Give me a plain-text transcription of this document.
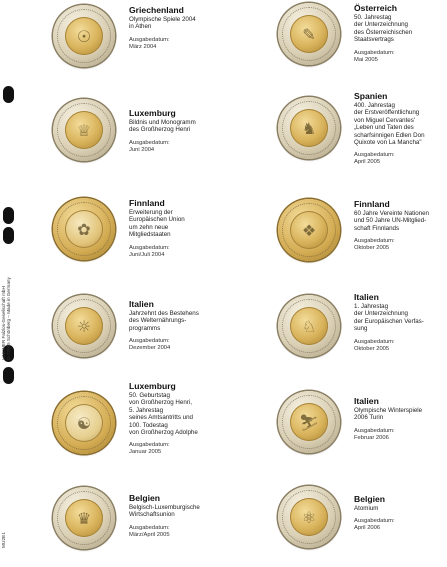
LINDNER Falzlos-Gesellschaft mbH D-72555 Schönberg – Made in Germany
MU2E1
☉
Griechenland
Olympische Spiele 2004
in Athen
Ausgabedatum:
März 2004
✎
Österreich
50. Jahrestag
der Unterzeichnung
des Österreichischen
Staatsvertrags
Ausgabedatum:
Mai 2005
♕
Luxemburg
Bildnis und Monogramm
des Großherzog Henri
Ausgabedatum:
Juni 2004
♞
Spanien
400. Jahrestag
der Erstveröffentlichung
von Miguel Cervantes'
„Leben und Taten des
scharfsinnigen Edlen Don
Quixote von La Mancha"
Ausgabedatum:
April 2005
✿
Finnland
Erweiterung der
Europäischen Union
um zehn neue
Mitgliedstaaten
Ausgabedatum:
Juni/Juli 2004
❖
Finnland
60 Jahre Vereinte Nationen
und 50 Jahre UN-Mitglied-
schaft Finnlands
Ausgabedatum:
Oktober 2005
☼
Italien
Jahrzehnt des Bestehens
des Welternährungs-
programms
Ausgabedatum:
Dezember 2004
♘
Italien
1. Jahrestag
der Unterzeichnung
der Europäischen Verfas-
sung
Ausgabedatum:
Oktober 2005
☯
Luxemburg
50. Geburtstag
von Großherzog Henri,
5. Jahrestag
seines Amtsantritts und
100. Todestag
von Großherzog Adolphe
Ausgabedatum:
Januar 2005
⛷
Italien
Olympische Winterspiele
2006 Turin
Ausgabedatum:
Februar 2006
♛
Belgien
Belgisch-Luxemburgische
Wirtschaftsunion
Ausgabedatum:
März/April 2005
⚛
Belgien
Atomium
Ausgabedatum:
April 2006
